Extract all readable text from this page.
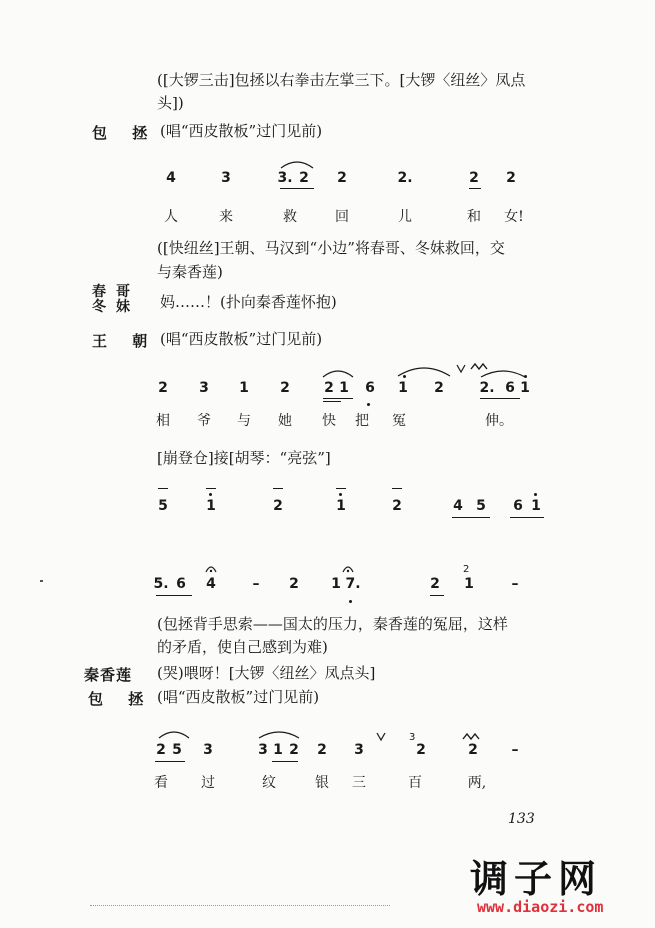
([大锣三击]包拯以右拳击左掌三下。[大锣〈纽丝〉凤点
头])
包 拯 (唱“西皮散板”过门见前)
4	3	3. 2	2	2.	2	2
人	来	救	回	儿	和 女!
([快纽丝]王朝、马汉到“小边”将春哥、冬妹救回，交
与秦香莲)
春哥
冬妹 妈……！(扑向秦香莲怀抱)
王 朝 (唱“西皮散板”过门见前)
2	3	1	2	2 1	6	1	2	2. 6 1
相 爷 与 她 快 把 冤	伸。
[崩登仓]接[胡琴：“亮弦”]
5	1	2	1	2	4 5	6 1
2
5. 6	4	–	2	1 7.	2	1	–
(包拯背手思索——国太的压力，秦香莲的冤屈，这样
的矛盾，使自己感到为难)
秦香莲 (哭)喂呀！[大锣〈纽丝〉凤点头]
包 拯 (唱“西皮散板”过门见前)
3
2 5	3	3 1 2	2	3	2	2	–
看 过	纹	银 三	百	两,
133
调子网
www.diaozi.com
